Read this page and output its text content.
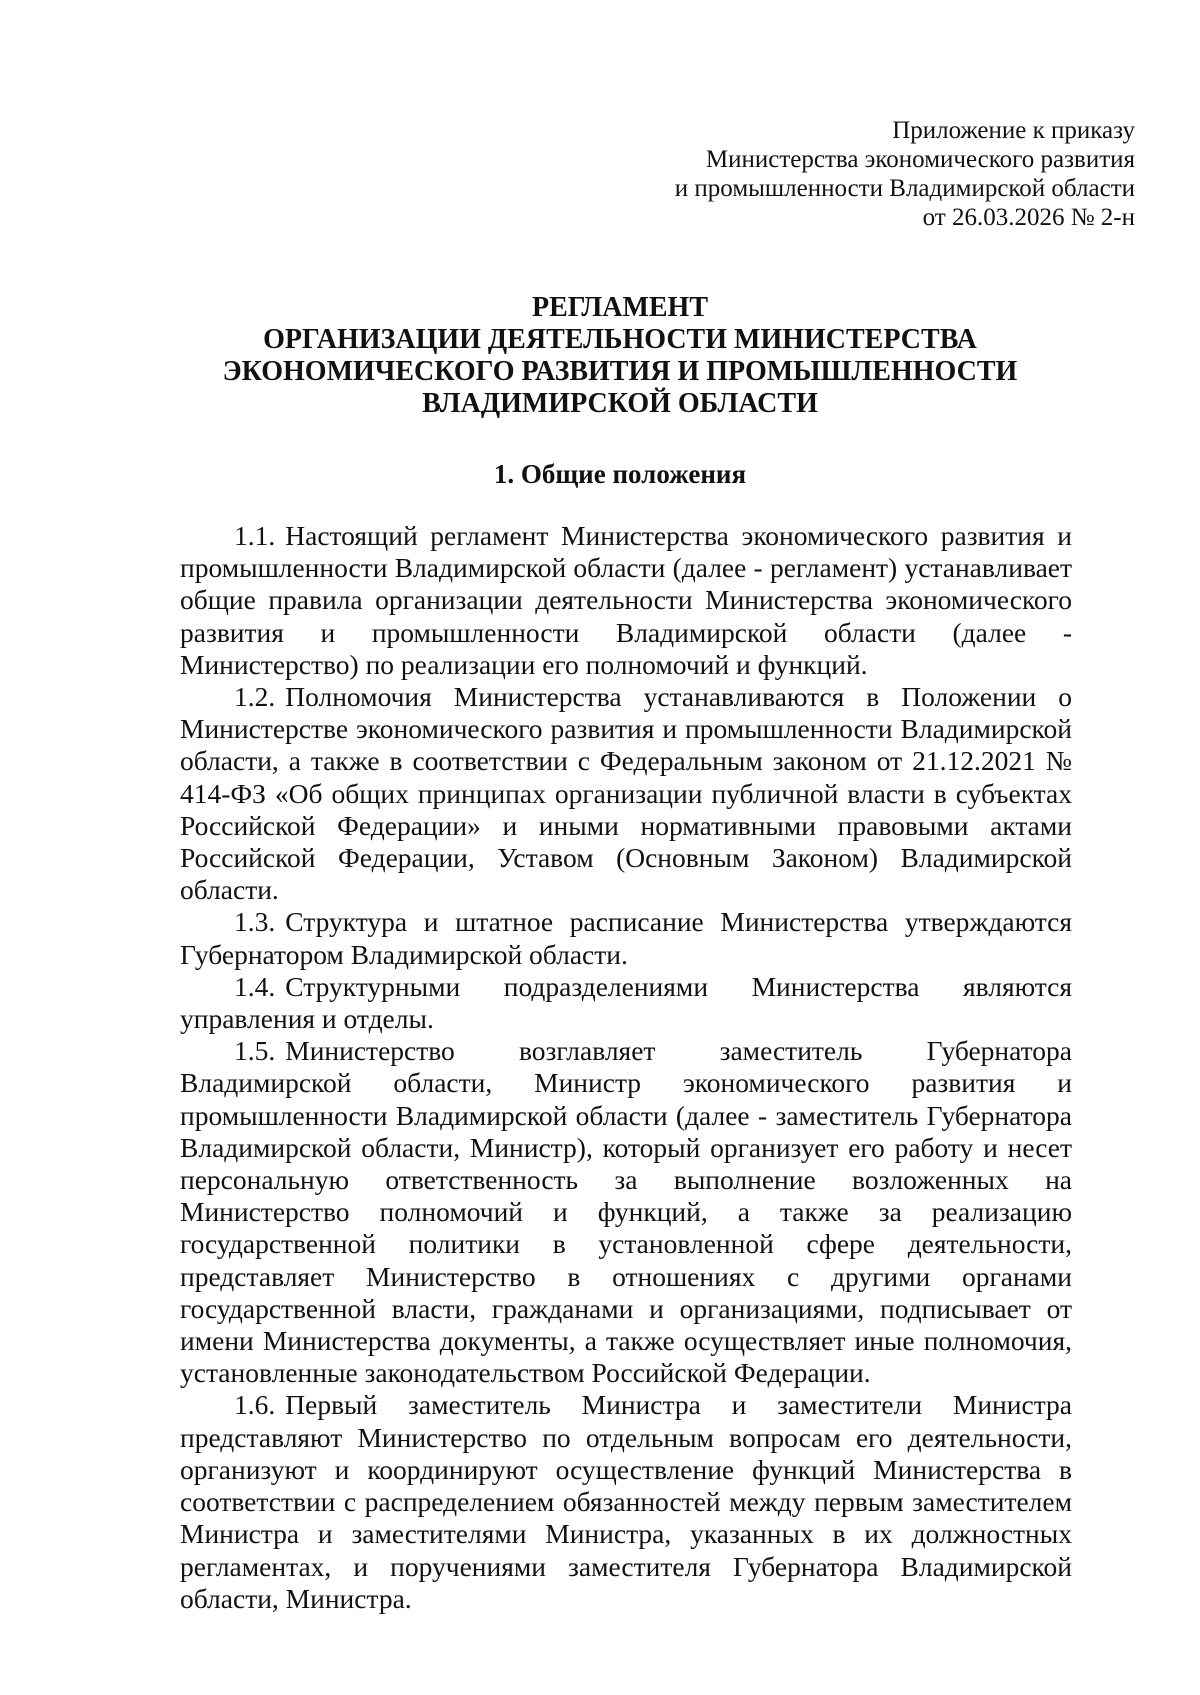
Приложение к приказу
Министерства экономического развития
и промышленности Владимирской области
от 26.03.2026 № 2-н
РЕГЛАМЕНТ
ОРГАНИЗАЦИИ ДЕЯТЕЛЬНОСТИ МИНИСТЕРСТВА
ЭКОНОМИЧЕСКОГО РАЗВИТИЯ И ПРОМЫШЛЕННОСТИ
ВЛАДИМИРСКОЙ ОБЛАСТИ
1. Общие положения

1.1. Настоящий регламент Министерства экономического развития и промышленности Владимирской области (далее - регламент) устанавливает общие правила организации деятельности Министерства экономического развития и промышленности Владимирской области (далее - Министерство) по реализации его полномочий и функций.

1.2. Полномочия Министерства устанавливаются в Положении о Министерстве экономического развития и промышленности Владимирской области, а также в соответствии с Федеральным законом от 21.12.2021 № 414-ФЗ «Об общих принципах организации публичной власти в субъектах Российской Федерации» и иными нормативными правовыми актами Российской Федерации, Уставом (Основным Законом) Владимирской области.

1.3. Структура и штатное расписание Министерства утверждаются Губернатором Владимирской области.

1.4. Структурными подразделениями Министерства являются управления и отделы.

1.5. Министерство возглавляет заместитель Губернатора Владимирской области, Министр экономического развития и промышленности Владимирской области (далее - заместитель Губернатора Владимирской области, Министр), который организует его работу и несет персональную ответственность за выполнение возложенных на Министерство полномочий и функций, а также за реализацию государственной политики в установленной сфере деятельности, представляет Министерство в отношениях с другими органами государственной власти, гражданами и организациями, подписывает от имени Министерства документы, а также осуществляет иные полномочия, установленные законодательством Российской Федерации.

1.6. Первый заместитель Министра и заместители Министра представляют Министерство по отдельным вопросам его деятельности, организуют и координируют осуществление функций Министерства в соответствии с распределением обязанностей между первым заместителем Министра и заместителями Министра, указанных в их должностных регламентах, и поручениями заместителя Губернатора Владимирской области, Министра.
